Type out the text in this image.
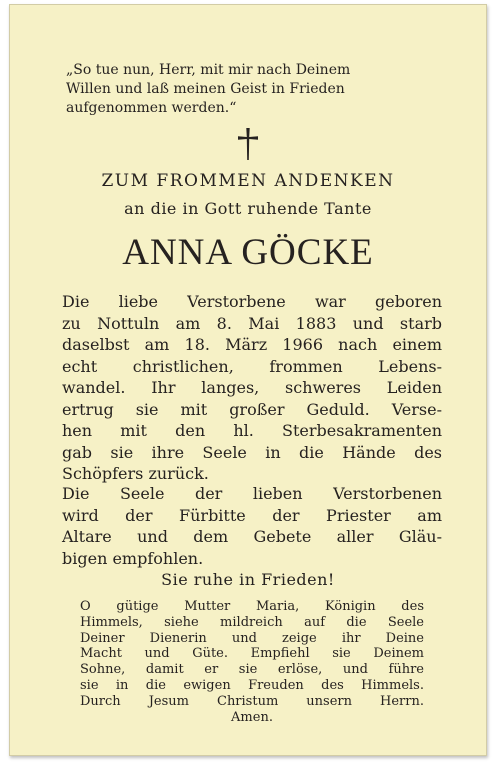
„So tue nun, Herr, mit mir nach Deinem
Willen und laß meinen Geist in Frieden
aufgenommen werden.“
ZUM FROMMEN ANDENKEN
an die in Gott ruhende Tante
ANNA GÖCKE
Die liebe Verstorbene war geboren
zu Nottuln am 8. Mai 1883 und starb
daselbst am 18. März 1966 nach einem
echt christlichen, frommen Lebens-
wandel. Ihr langes, schweres Leiden
ertrug sie mit großer Geduld. Verse-
hen mit den hl. Sterbesakramenten
gab sie ihre Seele in die Hände des
Schöpfers zurück.
Die Seele der lieben Verstorbenen
wird der Fürbitte der Priester am
Altare und dem Gebete aller Gläu-
bigen empfohlen.
Sie ruhe in Frieden!
O gütige Mutter Maria, Königin des
Himmels, siehe mildreich auf die Seele
Deiner Dienerin und zeige ihr Deine
Macht und Güte. Empfiehl sie Deinem
Sohne, damit er sie erlöse, und führe
sie in die ewigen Freuden des Himmels.
Durch Jesum Christum unsern Herrn.
Amen.
